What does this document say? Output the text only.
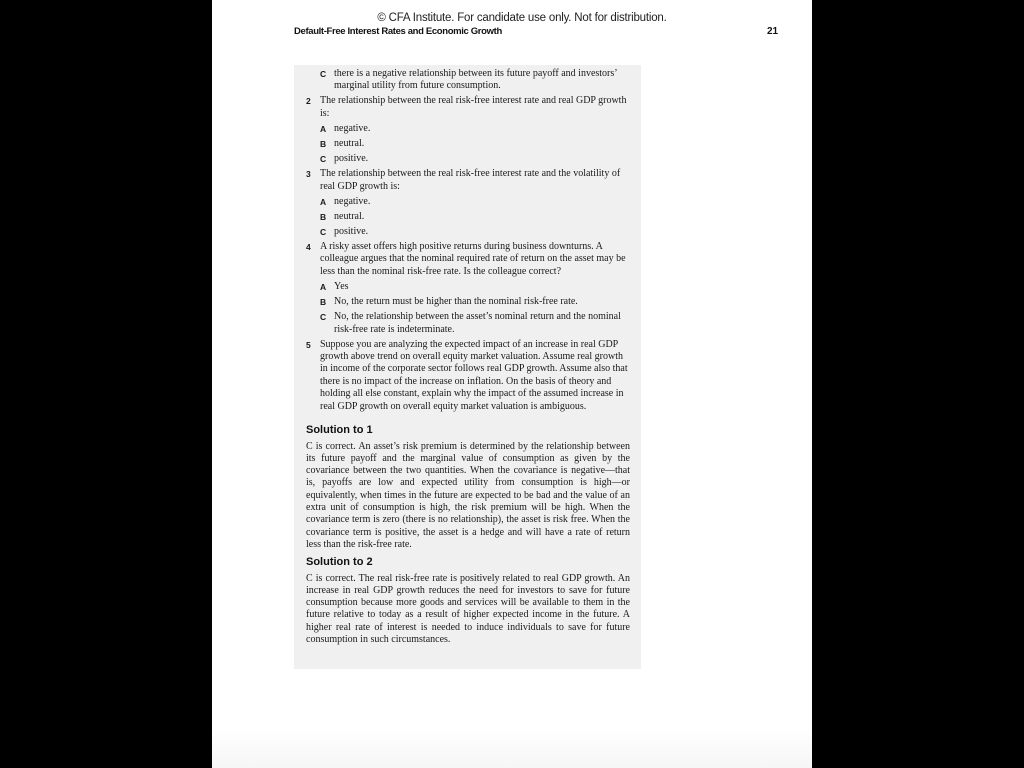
© CFA Institute. For candidate use only. Not for distribution.
Default-Free Interest Rates and Economic Growth	21
C there is a negative relationship between its future payoff and investors’ marginal utility from future consumption.
2 The relationship between the real risk-free interest rate and real GDP growth is:
A negative.
B neutral.
C positive.
3 The relationship between the real risk-free interest rate and the volatility of real GDP growth is:
A negative.
B neutral.
C positive.
4 A risky asset offers high positive returns during business downturns. A colleague argues that the nominal required rate of return on the asset may be less than the nominal risk-free rate. Is the colleague correct?
A Yes
B No, the return must be higher than the nominal risk-free rate.
C No, the relationship between the asset’s nominal return and the nominal risk-free rate is indeterminate.
5 Suppose you are analyzing the expected impact of an increase in real GDP growth above trend on overall equity market valuation. Assume real growth in income of the corporate sector follows real GDP growth. Assume also that there is no impact of the increase on inflation. On the basis of theory and holding all else constant, explain why the impact of the assumed increase in real GDP growth on overall equity market valuation is ambiguous.
Solution to 1
C is correct. An asset’s risk premium is determined by the relationship between its future payoff and the marginal value of consumption as given by the covariance between the two quantities. When the covariance is negative—that is, payoffs are low and expected utility from consumption is high—or equivalently, when times in the future are expected to be bad and the value of an extra unit of consumption is high, the risk premium will be high. When the covariance term is zero (there is no relationship), the asset is risk free. When the covariance term is positive, the asset is a hedge and will have a rate of return less than the risk-free rate.
Solution to 2
C is correct. The real risk-free rate is positively related to real GDP growth. An increase in real GDP growth reduces the need for investors to save for future consumption because more goods and services will be available to them in the future relative to today as a result of higher expected income in the future. A higher real rate of interest is needed to induce individuals to save for future consumption in such circumstances.
